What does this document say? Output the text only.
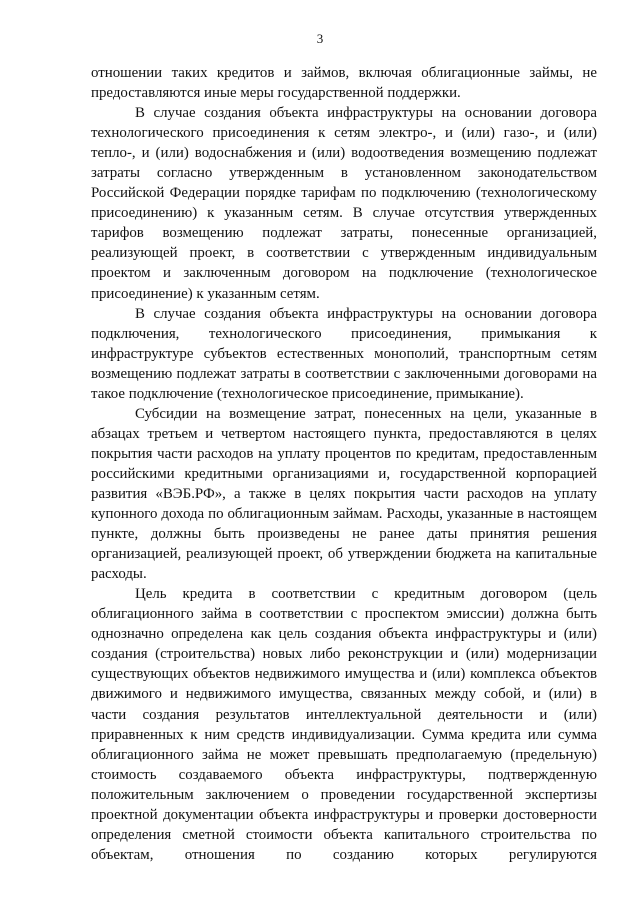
3

отношении таких кредитов и займов, включая облигационные займы, не предоставляются иные меры государственной поддержки.

В случае создания объекта инфраструктуры на основании договора технологического присоединения к сетям электро-, и (или) газо-, и (или) тепло-, и (или) водоснабжения и (или) водоотведения возмещению подлежат затраты согласно утвержденным в установленном законодательством Российской Федерации порядке тарифам по подключению (технологическому присоединению) к указанным сетям. В случае отсутствия утвержденных тарифов возмещению подлежат затраты, понесенные организацией, реализующей проект, в соответствии с утвержденным индивидуальным проектом и заключенным договором на подключение (технологическое присоединение) к указанным сетям.

В случае создания объекта инфраструктуры на основании договора подключения, технологического присоединения, примыкания к инфраструктуре субъектов естественных монополий, транспортным сетям возмещению подлежат затраты в соответствии с заключенными договорами на такое подключение (технологическое присоединение, примыкание).

Субсидии на возмещение затрат, понесенных на цели, указанные в абзацах третьем и четвертом настоящего пункта, предоставляются в целях покрытия части расходов на уплату процентов по кредитам, предоставленным российскими кредитными организациями и, государственной корпорацией развития «ВЭБ.РФ», а также в целях покрытия части расходов на уплату купонного дохода по облигационным займам. Расходы, указанные в настоящем пункте, должны быть произведены не ранее даты принятия решения организацией, реализующей проект, об утверждении бюджета на капитальные расходы.

Цель кредита в соответствии с кредитным договором (цель облигационного займа в соответствии с проспектом эмиссии) должна быть однозначно определена как цель создания объекта инфраструктуры и (или) создания (строительства) новых либо реконструкции и (или) модернизации существующих объектов недвижимого имущества и (или) комплекса объектов движимого и недвижимого имущества, связанных между собой, и (или) в части создания результатов интеллектуальной деятельности и (или) приравненных к ним средств индивидуализации. Сумма кредита или сумма облигационного займа не может превышать предполагаемую (предельную) стоимость создаваемого объекта инфраструктуры, подтвержденную положительным заключением о проведении государственной экспертизы проектной документации объекта инфраструктуры и проверки достоверности определения сметной стоимости объекта капитального строительства по объектам, отношения по созданию которых регулируются
